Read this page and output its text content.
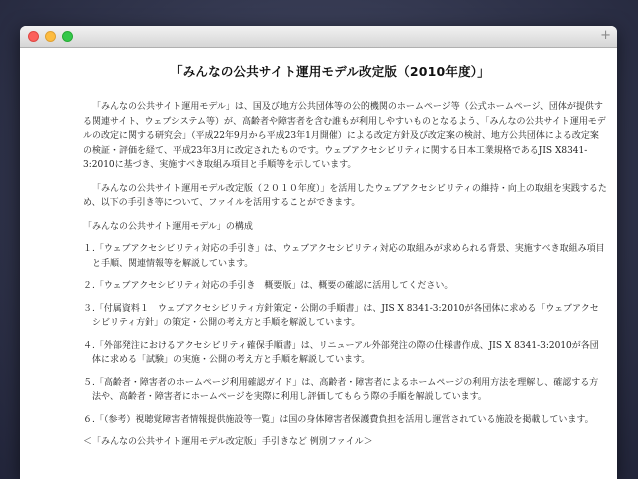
+
「みんなの公共サイト運用モデル改定版（2010年度）」

「みんなの公共サイト運用モデル」は、国及び地方公共団体等の公的機関のホームページ等（公式ホームページ、団体が提供する関連サイト、ウェブシステム等）が、高齢者や障害者を含む誰もが利用しやすいものとなるよう、「みんなの公共サイト運用モデルの改定に関する研究会」（平成22年9月から平成23年1月開催）による改定方針及び改定案の検討、地方公共団体による改定案の検証・評価を経て、平成23年3月に改定されたものです。ウェブアクセシビリティに関する日本工業規格であるJIS X8341-3:2010に基づき、実施すべき取組み項目と手順等を示しています。

「みんなの公共サイト運用モデル改定版（２０１０年度）」を活用したウェブアクセシビリティの維持・向上の取組を実践するため、以下の手引き等について、ファイルを活用することができます。

「みんなの公共サイト運用モデル」の構成

１.「ウェブアクセシビリティ対応の手引き」は、ウェブアクセシビリティ対応の取組みが求められる背景、実施すべき取組み項目と手順、関連情報等を解説しています。

２.「ウェブアクセシビリティ対応の手引き　概要版」は、概要の確認に活用してください。

３.「付属資料１　ウェブアクセシビリティ方針策定・公開の手順書」は、JIS X 8341-3:2010が各団体に求める「ウェブアクセシビリティ方針」の策定・公開の考え方と手順を解説しています。

４.「外部発注におけるアクセシビリティ確保手順書」は、リニューアル外部発注の際の仕様書作成、JIS X 8341-3:2010が各団体に求める「試験」の実施・公開の考え方と手順を解説しています。

５.「高齢者・障害者のホームページ利用確認ガイド」は、高齢者・障害者によるホームページの利用方法を理解し、確認する方法や、高齢者・障害者にホームページを実際に利用し評価してもらう際の手順を解説しています。

６.「（参考）視聴覚障害者情報提供施設等一覧」は国の身体障害者保護費負担を活用し運営されている施設を掲載しています。

＜「みんなの公共サイト運用モデル改定版」手引きなど 例別ファイル＞
